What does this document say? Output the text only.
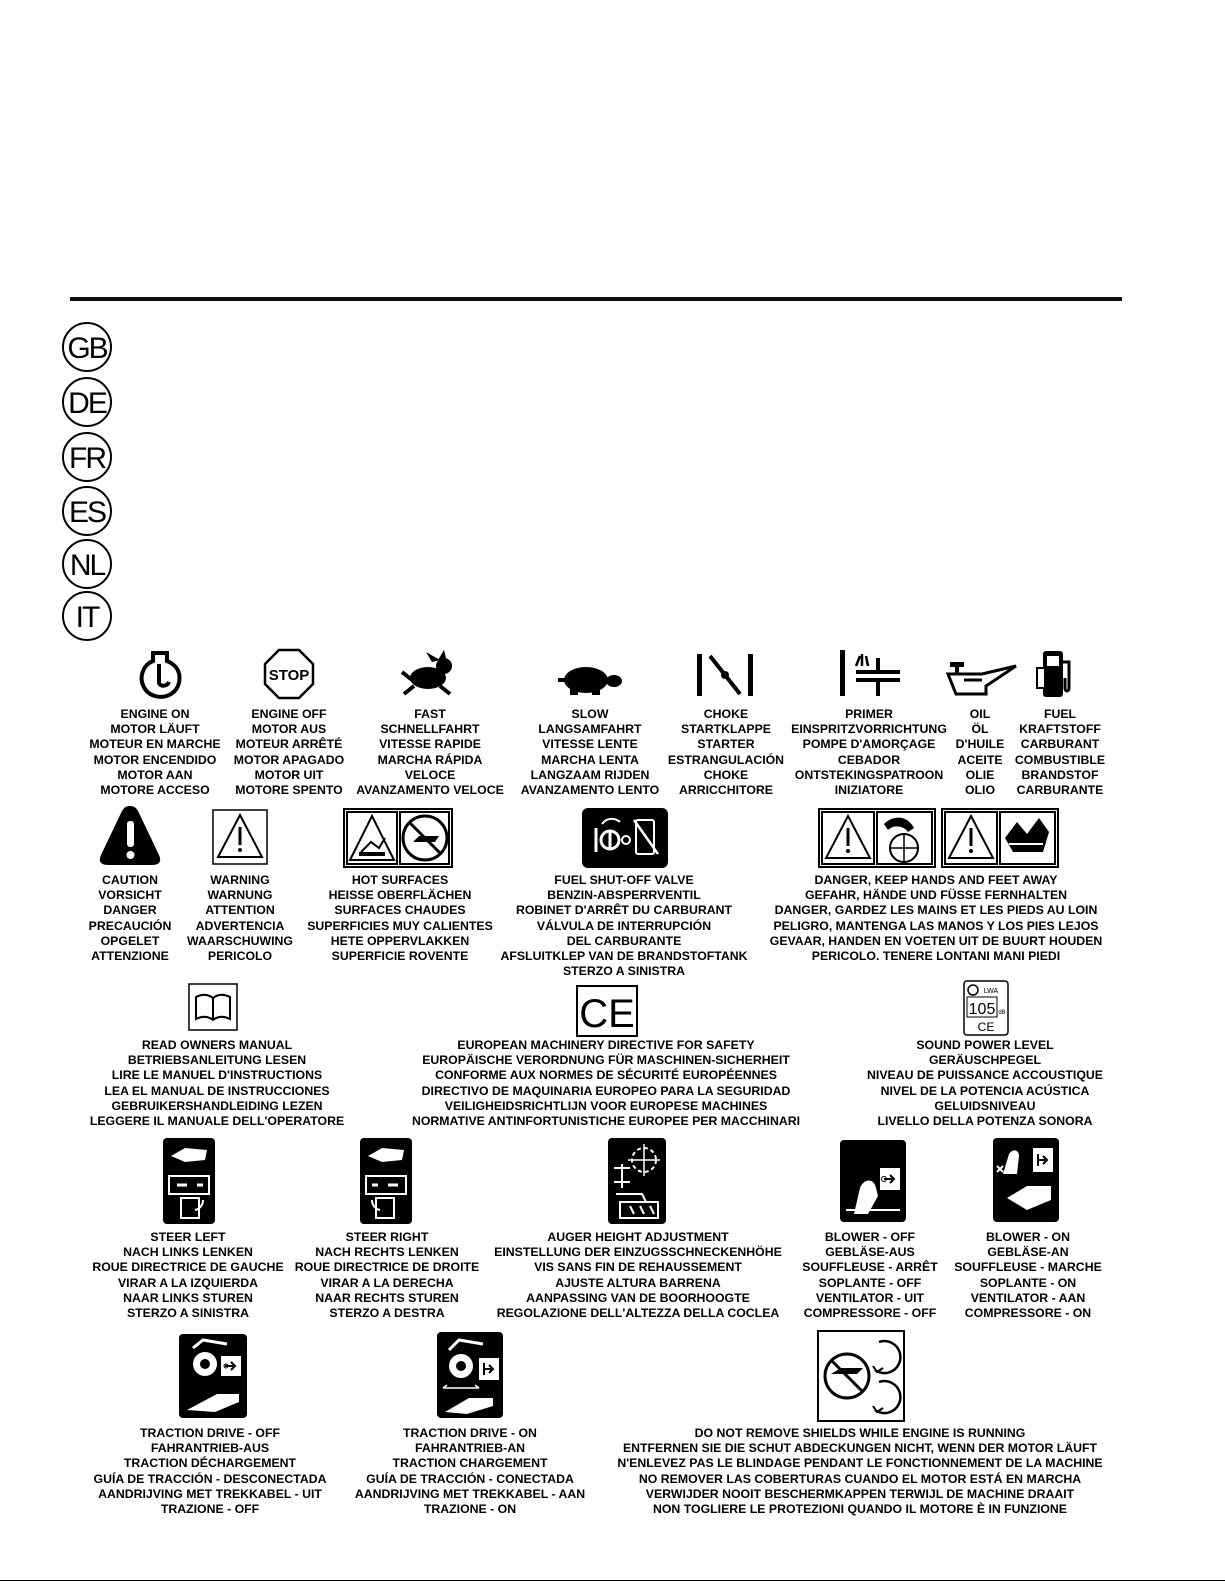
GB
DE
FR
ES
NL
IT
STOP
ENGINE ON
MOTOR LÄUFT
MOTEUR EN MARCHE
MOTOR ENCENDIDO
MOTOR AAN
MOTORE ACCESO
ENGINE OFF
MOTOR AUS
MOTEUR ARRÊTÉ
MOTOR APAGADO
MOTOR UIT
MOTORE SPENTO
FAST
SCHNELLFAHRT
VITESSE RAPIDE
MARCHA RÁPIDA
VELOCE
AVANZAMENTO VELOCE
SLOW
LANGSAMFAHRT
VITESSE LENTE
MARCHA LENTA
LANGZAAM RIJDEN
AVANZAMENTO LENTO
CHOKE
STARTKLAPPE
STARTER
ESTRANGULACIÓN
CHOKE
ARRICCHITORE
PRIMER
EINSPRITZVORRICHTUNG
POMPE D'AMORÇAGE
CEBADOR
ONTSTEKINGSPATROON
INIZIATORE
OIL
ÖL
D'HUILE
ACEITE
OLIE
OLIO
FUEL
KRAFTSTOFF
CARBURANT
COMBUSTIBLE
BRANDSTOF
CARBURANTE
CAUTION
VORSICHT
DANGER
PRECAUCIÓN
OPGELET
ATTENZIONE
WARNING
WARNUNG
ATTENTION
ADVERTENCIA
WAARSCHUWING
PERICOLO
HOT SURFACES
HEISSE OBERFLÄCHEN
SURFACES CHAUDES
SUPERFICIES MUY CALIENTES
HETE OPPERVLAKKEN
SUPERFICIE ROVENTE
FUEL SHUT-OFF VALVE
BENZIN-ABSPERRVENTIL
ROBINET D'ARRÊT DU CARBURANT
VÁLVULA DE INTERRUPCIÓN
DEL CARBURANTE
AFSLUITKLEP VAN DE BRANDSTOFTANK
STERZO A SINISTRA
DANGER, KEEP HANDS AND FEET AWAY
GEFAHR, HÄNDE UND FÜSSE FERNHALTEN
DANGER, GARDEZ LES MAINS ET LES PIEDS AU LOIN
PELIGRO, MANTENGA LAS MANOS Y LOS PIES LEJOS
GEVAAR, HANDEN EN VOETEN UIT DE BUURT HOUDEN
PERICOLO. TENERE LONTANI MANI PIEDI
CE
LWA
105 dB
CE
READ OWNERS MANUAL
BETRIEBSANLEITUNG LESEN
LIRE LE MANUEL D'INSTRUCTIONS
LEA EL MANUAL DE INSTRUCCIONES
GEBRUIKERSHANDLEIDING LEZEN
LEGGERE IL MANUALE DELL'OPERATORE
EUROPEAN MACHINERY DIRECTIVE FOR SAFETY
EUROPÄISCHE VERORDNUNG FÜR MASCHINEN-SICHERHEIT
CONFORME AUX NORMES DE SÉCURITÉ EUROPÉENNES
DIRECTIVO DE MAQUINARIA EUROPEO PARA LA SEGURIDAD
VEILIGHEIDSRICHTLIJN VOOR EUROPESE MACHINES
NORMATIVE ANTINFORTUNISTICHE EUROPEE PER MACCHINARI
SOUND POWER LEVEL
GERÄUSCHPEGEL
NIVEAU DE PUISSANCE ACCOUSTIQUE
NIVEL DE LA POTENCIA ACÚSTICA
GELUIDSNIVEAU
LIVELLO DELLA POTENZA SONORA
STEER LEFT
NACH LINKS LENKEN
ROUE DIRECTRICE DE GAUCHE
VIRAR A LA IZQUIERDA
NAAR LINKS STUREN
STERZO A SINISTRA
STEER RIGHT
NACH RECHTS LENKEN
ROUE DIRECTRICE DE DROITE
VIRAR A LA DERECHA
NAAR RECHTS STUREN
STERZO A DESTRA
AUGER HEIGHT ADJUSTMENT
EINSTELLUNG DER EINZUGSSCHNECKENHÖHE
VIS SANS FIN DE REHAUSSEMENT
AJUSTE ALTURA BARRENA
AANPASSING VAN DE BOORHOOGTE
REGOLAZIONE DELL'ALTEZZA DELLA COCLEA
BLOWER - OFF
GEBLÄSE-AUS
SOUFFLEUSE - ARRÊT
SOPLANTE - OFF
VENTILATOR - UIT
COMPRESSORE - OFF
BLOWER - ON
GEBLÄSE-AN
SOUFFLEUSE - MARCHE
SOPLANTE - ON
VENTILATOR - AAN
COMPRESSORE - ON
TRACTION DRIVE - OFF
FAHRANTRIEB-AUS
TRACTION DÉCHARGEMENT
GUÍA DE TRACCIÓN - DESCONECTADA
AANDRIJVING MET TREKKABEL - UIT
TRAZIONE - OFF
TRACTION DRIVE - ON
FAHRANTRIEB-AN
TRACTION CHARGEMENT
GUÍA DE TRACCIÓN - CONECTADA
AANDRIJVING MET TREKKABEL - AAN
TRAZIONE - ON
DO NOT REMOVE SHIELDS WHILE ENGINE IS RUNNING
ENTFERNEN SIE DIE SCHUT ABDECKUNGEN NICHT, WENN DER MOTOR LÄUFT
N'ENLEVEZ PAS LE BLINDAGE PENDANT LE FONCTIONNEMENT DE LA MACHINE
NO REMOVER LAS COBERTURAS CUANDO EL MOTOR ESTÁ EN MARCHA
VERWIJDER NOOIT BESCHERMKAPPEN TERWIJL DE MACHINE DRAAIT
NON TOGLIERE LE PROTEZIONI QUANDO IL MOTORE È IN FUNZIONE
